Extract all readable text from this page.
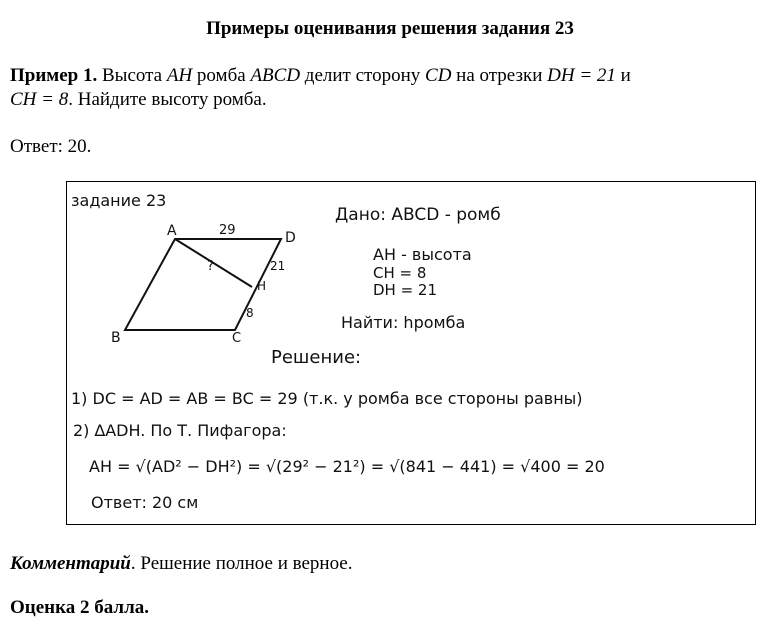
Примеры оценивания решения задания 23
Пример 1. Высота AH ромба ABCD делит сторону CD на отрезки DH = 21 и
CH = 8. Найдите высоту ромба.
Ответ: 20.
задание 23
A	D
B	C
H
29
21
8
?
Дано: ABCD - ромб
AH - высота
CH = 8
DH = 21
Найти: hромба
Решение:
1) DC = AD = AB = BC = 29 (т.к. у ромба все стороны равны)
2) ∆ADH. По Т. Пифагора:
AH = √(AD² − DH²) = √(29² − 21²) = √(841 − 441) = √400 = 20
Ответ: 20 см
Комментарий. Решение полное и верное.
Оценка 2 балла.
